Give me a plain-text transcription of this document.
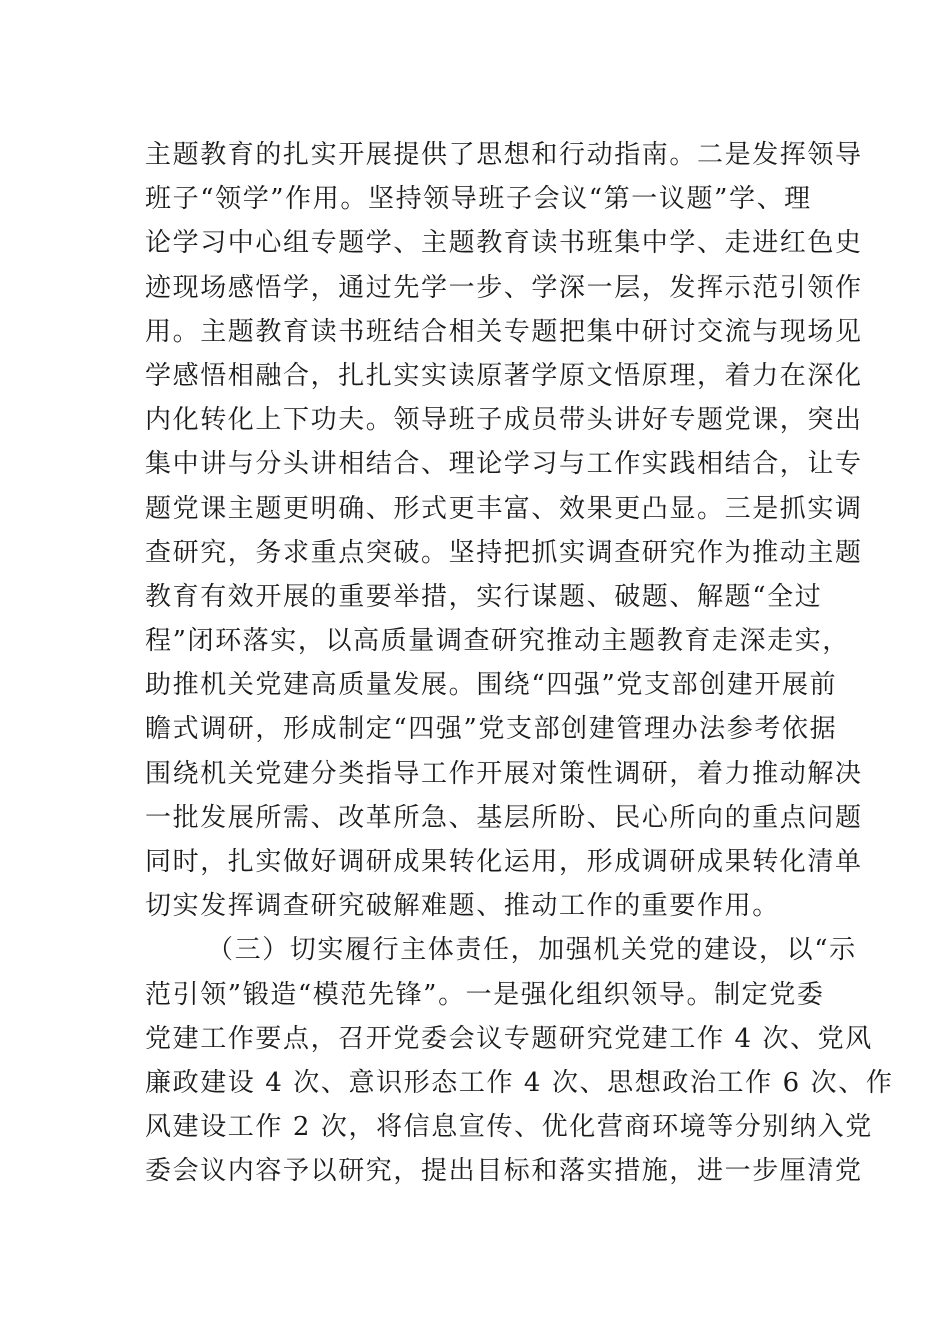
主题教育的扎实开展提供了思想和行动指南。二是发挥领导
班子“领学”作用。坚持领导班子会议“第一议题”学、理
论学习中心组专题学、主题教育读书班集中学、走进红色史
迹现场感悟学，通过先学一步、学深一层，发挥示范引领作
用。主题教育读书班结合相关专题把集中研讨交流与现场见
学感悟相融合，扎扎实实读原著学原文悟原理，着力在深化
内化转化上下功夫。领导班子成员带头讲好专题党课，突出
集中讲与分头讲相结合、理论学习与工作实践相结合，让专
题党课主题更明确、形式更丰富、效果更凸显。三是抓实调
查研究，务求重点突破。坚持把抓实调查研究作为推动主题
教育有效开展的重要举措，实行谋题、破题、解题“全过
程”闭环落实，以高质量调查研究推动主题教育走深走实，
助推机关党建高质量发展。围绕“四强”党支部创建开展前
瞻式调研，形成制定“四强”党支部创建管理办法参考依据
围绕机关党建分类指导工作开展对策性调研，着力推动解决
一批发展所需、改革所急、基层所盼、民心所向的重点问题
同时，扎实做好调研成果转化运用，形成调研成果转化清单
切实发挥调查研究破解难题、推动工作的重要作用。
（三）切实履行主体责任，加强机关党的建设，以“示
范引领”锻造“模范先锋”。一是强化组织领导。制定党委
党建工作要点，召开党委会议专题研究党建工作 4 次、党风
廉政建设 4 次、意识形态工作 4 次、思想政治工作 6 次、作
风建设工作 2 次，将信息宣传、优化营商环境等分别纳入党
委会议内容予以研究，提出目标和落实措施，进一步厘清党
